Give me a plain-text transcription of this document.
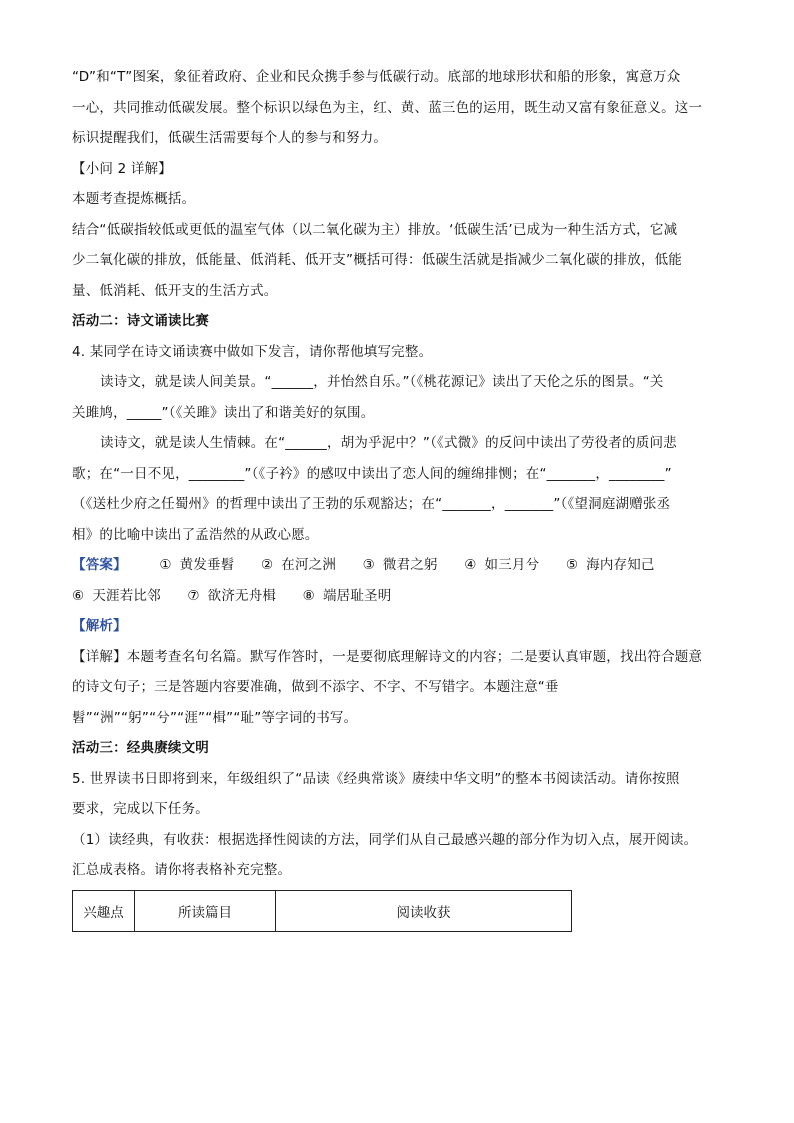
“D”和“T”图案，象征着政府、企业和民众携手参与低碳行动。底部的地球形状和船的形象，寓意万众
一心，共同推动低碳发展。整个标识以绿色为主，红、黄、蓝三色的运用，既生动又富有象征意义。这一
标识提醒我们，低碳生活需要每个人的参与和努力。
【小问 2 详解】
本题考查提炼概括。
结合“低碳指较低或更低的温室气体（以二氧化碳为主）排放。‘低碳生活’已成为一种生活方式，它减
少二氧化碳的排放，低能量、低消耗、低开支”概括可得：低碳生活就是指减少二氧化碳的排放，低能
量、低消耗、低开支的生活方式。
活动二：诗文诵读比赛
4. 某同学在诗文诵读赛中做如下发言，请你帮他填写完整。
读诗文，就是读人间美景。“______，并怡然自乐。”（《桃花源记》读出了天伦之乐的图景。“关
关雎鸠，_____”（《关雎》读出了和谐美好的氛围。
读诗文，就是读人生情棘。在“______，胡为乎泥中？”（《式微》的反问中读出了劳役者的质问悲
歌；在“一日不见，________”（《子衿》的感叹中读出了恋人间的缠绵排恻；在“_______，________”
（《送杜少府之任蜀州》的哲理中读出了王勃的乐观豁达；在“_______，_______”（《望洞庭湖赠张丞
相》的比喻中读出了孟浩然的从政心愿。
【答案】 ① 黄发垂髫 ② 在河之洲 ③ 微君之躬 ④ 如三月兮 ⑤ 海内存知己
⑥ 天涯若比邻 ⑦ 欲济无舟楫 ⑧ 端居耻圣明
【解析】
【详解】本题考查名句名篇。默写作答时，一是要彻底理解诗文的内容；二是要认真审题，找出符合题意
的诗文句子；三是答题内容要准确，做到不添字、不字、不写错字。本题注意“垂
髫”“洲”“躬”“兮”“涯”“楫”“耻”等字词的书写。
活动三：经典赓续文明
5. 世界读书日即将到来，年级组织了“品读《经典常谈》赓续中华文明”的整本书阅读活动。请你按照
要求，完成以下任务。
（1）读经典，有收获：根据选择性阅读的方法，同学们从自己最感兴趣的部分作为切入点，展开阅读。
汇总成表格。请你将表格补充完整。
兴趣点	所读篇目	阅读收获
